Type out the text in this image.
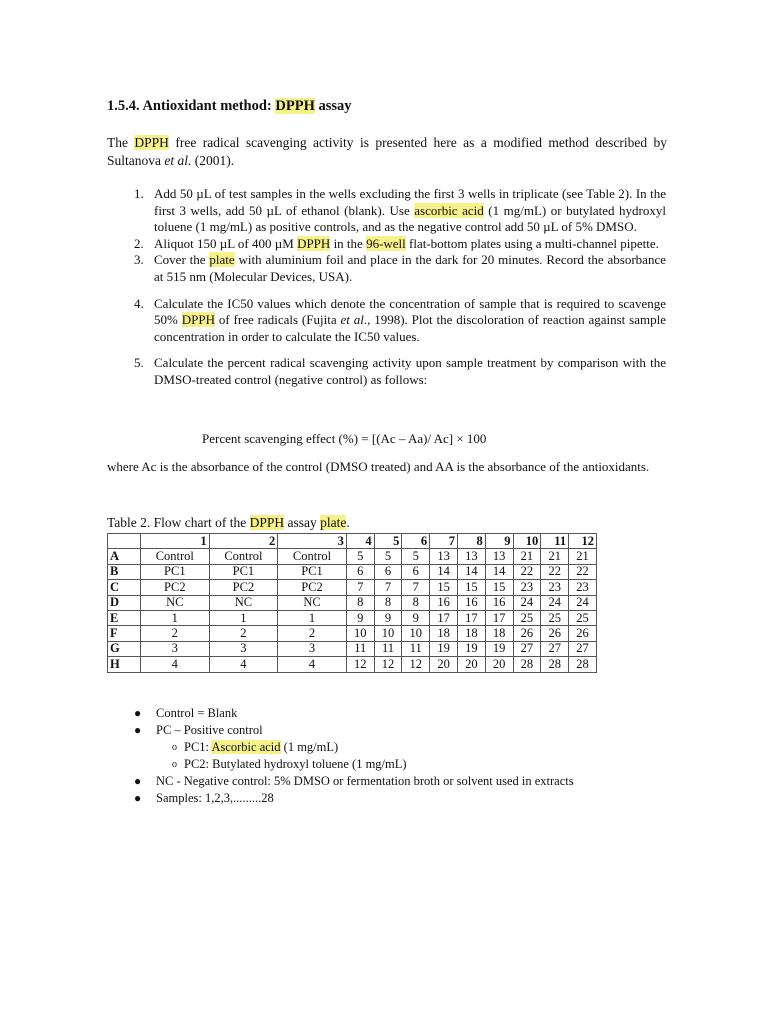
1.5.4. Antioxidant method: DPPH assay

The DPPH free radical scavenging activity is presented here as a modified method described by Sultanova et al. (2001).

1. Add 50 µL of test samples in the wells excluding the first 3 wells in triplicate (see Table 2). In the first 3 wells, add 50 µL of ethanol (blank). Use ascorbic acid (1 mg/mL) or butylated hydroxyl toluene (1 mg/mL) as positive controls, and as the negative control add 50 µL of 5% DMSO.
2. Aliquot 150 µL of 400 µM DPPH in the 96-well flat-bottom plates using a multi-channel pipette.
3. Cover the plate with aluminium foil and place in the dark for 20 minutes. Record the absorbance at 515 nm (Molecular Devices, USA).
4. Calculate the IC50 values which denote the concentration of sample that is required to scavenge 50% DPPH of free radicals (Fujita et al., 1998). Plot the discoloration of reaction against sample concentration in order to calculate the IC50 values.
5. Calculate the percent radical scavenging activity upon sample treatment by comparison with the DMSO-treated control (negative control) as follows:

Percent scavenging effect (%) = [(Ac – Aa)/ Ac] × 100

where Ac is the absorbance of the control (DMSO treated) and AA is the absorbance of the antioxidants.

Table 2. Flow chart of the DPPH assay plate.

	1	2	3	4	5	6	7	8	9	10	11	12
A	Control	Control	Control	5	5	5	13	13	13	21	21	21
B	PC1	PC1	PC1	6	6	6	14	14	14	22	22	22
C	PC2	PC2	PC2	7	7	7	15	15	15	23	23	23
D	NC	NC	NC	8	8	8	16	16	16	24	24	24
E	1	1	1	9	9	9	17	17	17	25	25	25
F	2	2	2	10	10	10	18	18	18	26	26	26
G	3	3	3	11	11	11	19	19	19	27	27	27
H	4	4	4	12	12	12	20	20	20	28	28	28
● Control = Blank
● PC – Positive control
o PC1: Ascorbic acid (1 mg/mL)
o PC2: Butylated hydroxyl toluene (1 mg/mL)
● NC - Negative control: 5% DMSO or fermentation broth or solvent used in extracts
● Samples: 1,2,3,.........28
